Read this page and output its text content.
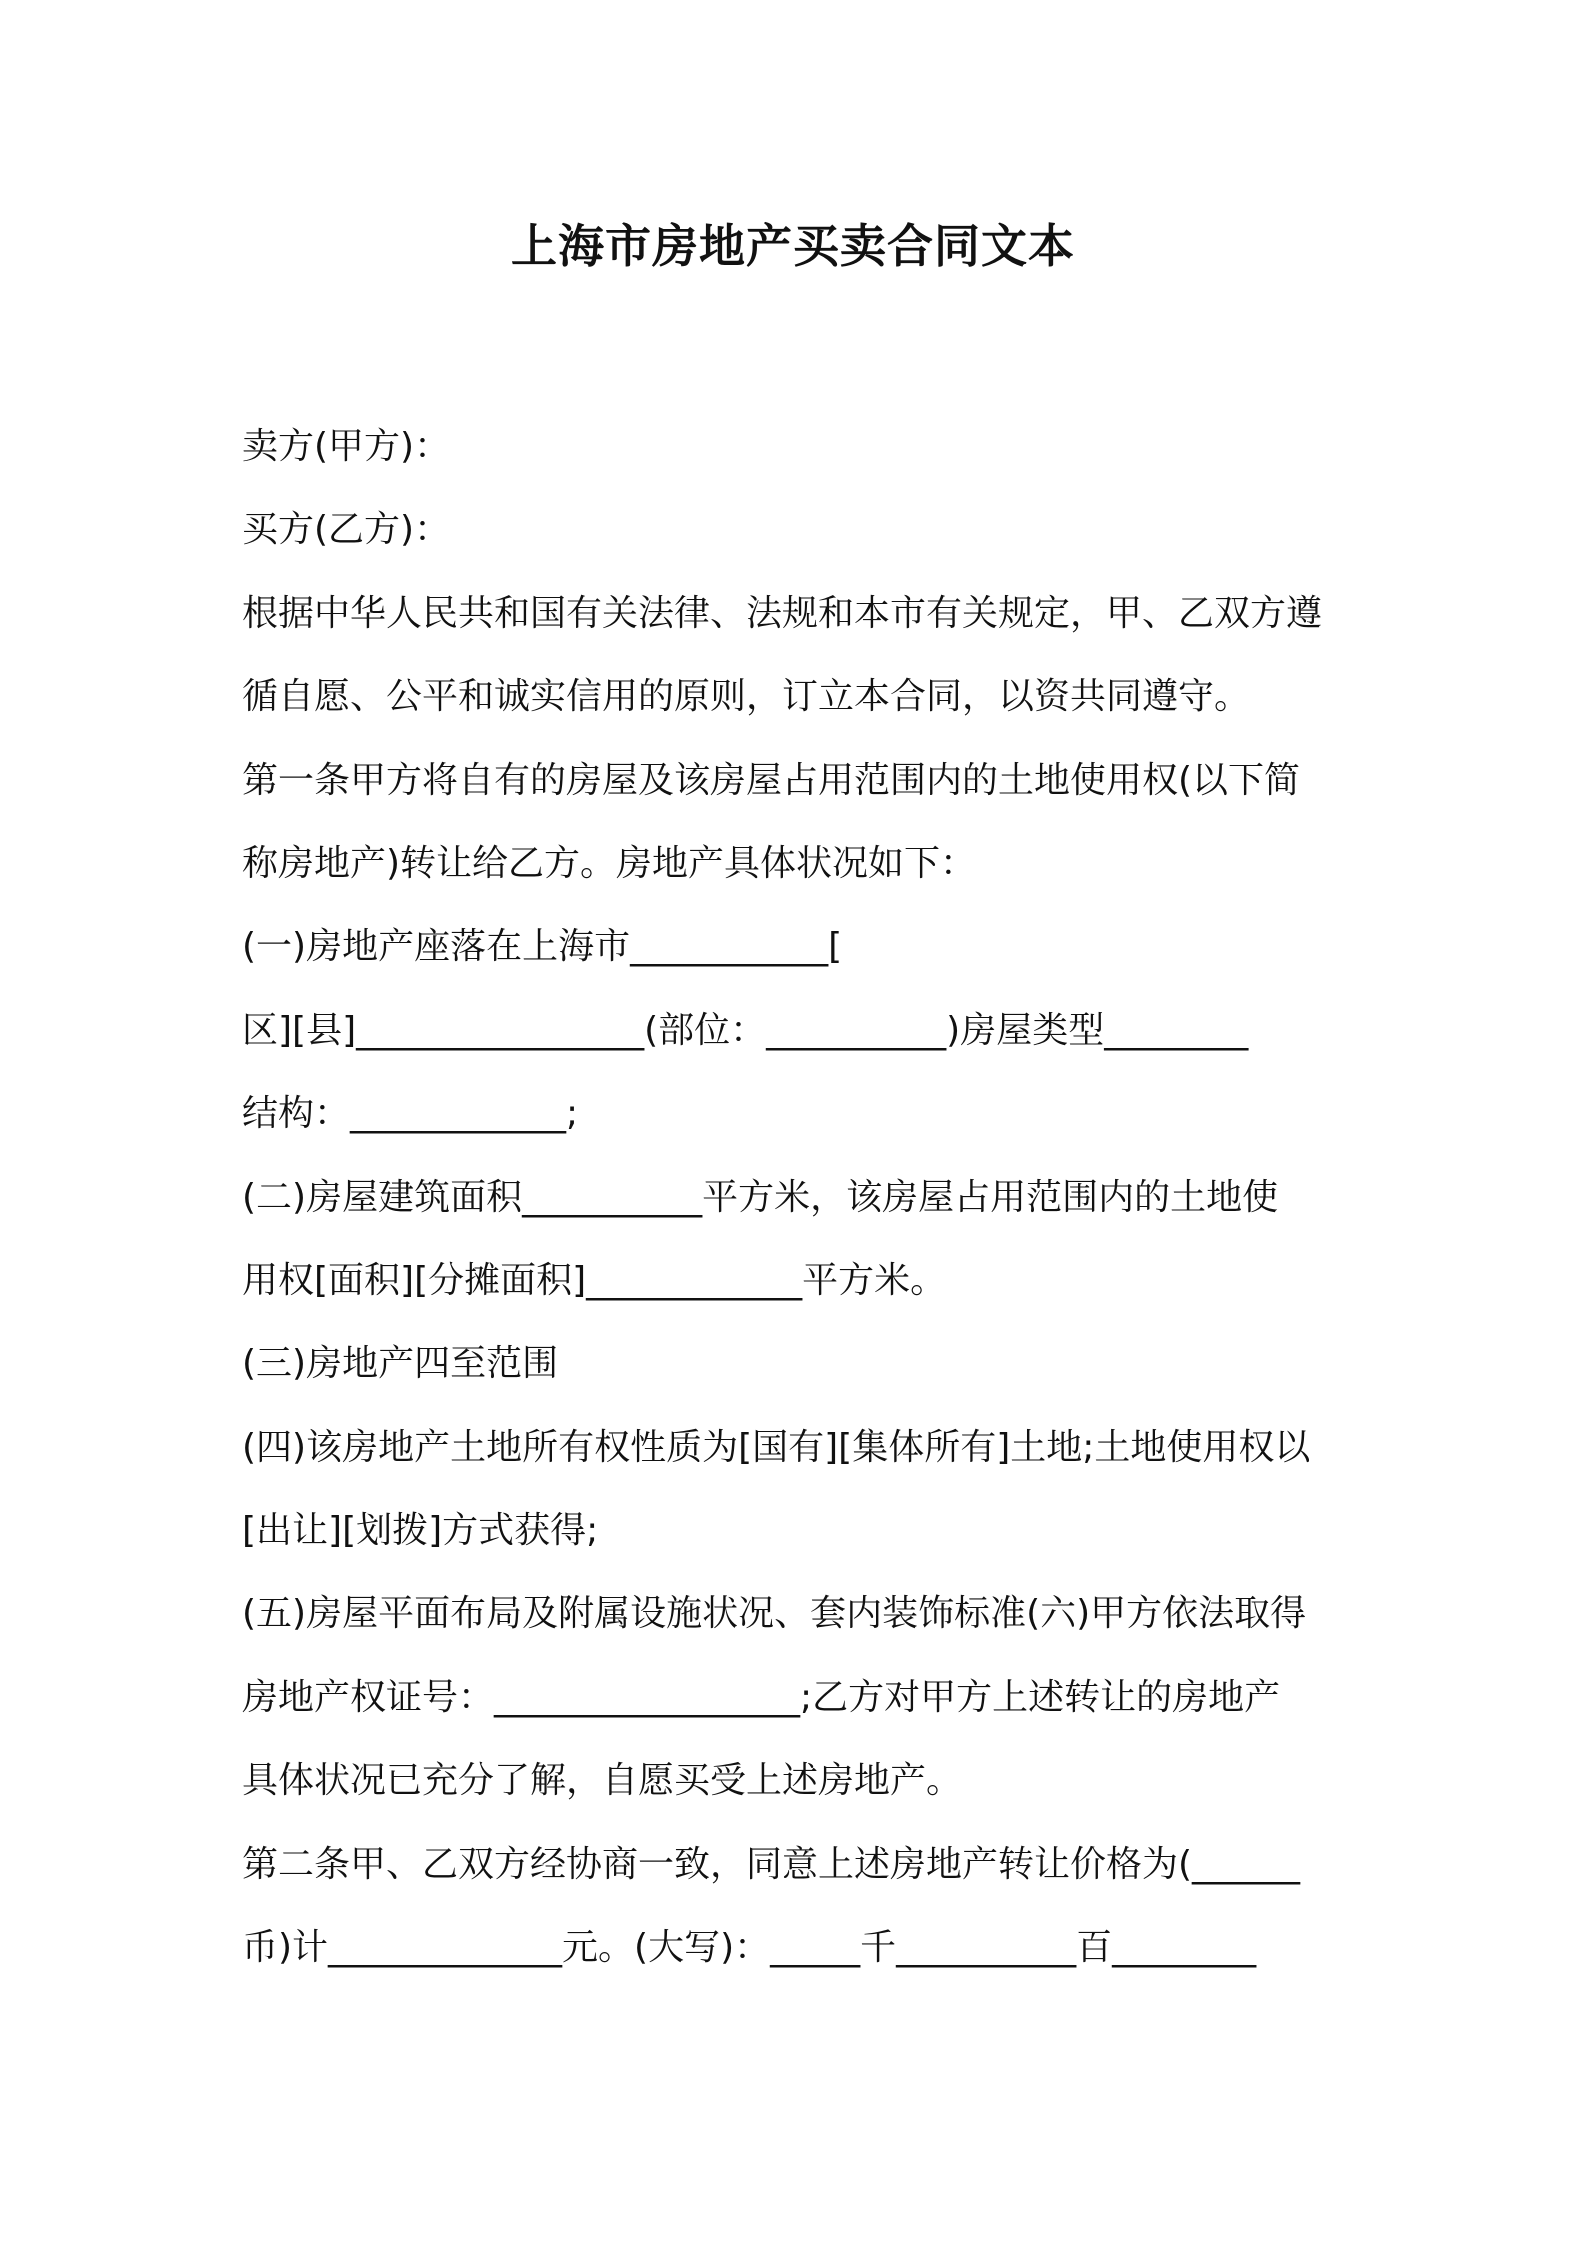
上海市房地产买卖合同文本
卖方(甲方)：
买方(乙方)：
根据中华人民共和国有关法律、法规和本市有关规定，甲、乙双方遵
循自愿、公平和诚实信用的原则，订立本合同，以资共同遵守。
第一条甲方将自有的房屋及该房屋占用范围内的土地使用权(以下简
称房地产)转让给乙方。房地产具体状况如下：
(一)房地产座落在上海市___________[
区][县]________________(部位：__________)房屋类型________
结构：____________;
(二)房屋建筑面积__________平方米，该房屋占用范围内的土地使
用权[面积][分摊面积]____________平方米。
(三)房地产四至范围
(四)该房地产土地所有权性质为[国有][集体所有]土地;土地使用权以
[出让][划拨]方式获得;
(五)房屋平面布局及附属设施状况、套内装饰标准(六)甲方依法取得
房地产权证号：_________________;乙方对甲方上述转让的房地产
具体状况已充分了解，自愿买受上述房地产。
第二条甲、乙双方经协商一致，同意上述房地产转让价格为(______
币)计_____________元。(大写)：_____千__________百________
